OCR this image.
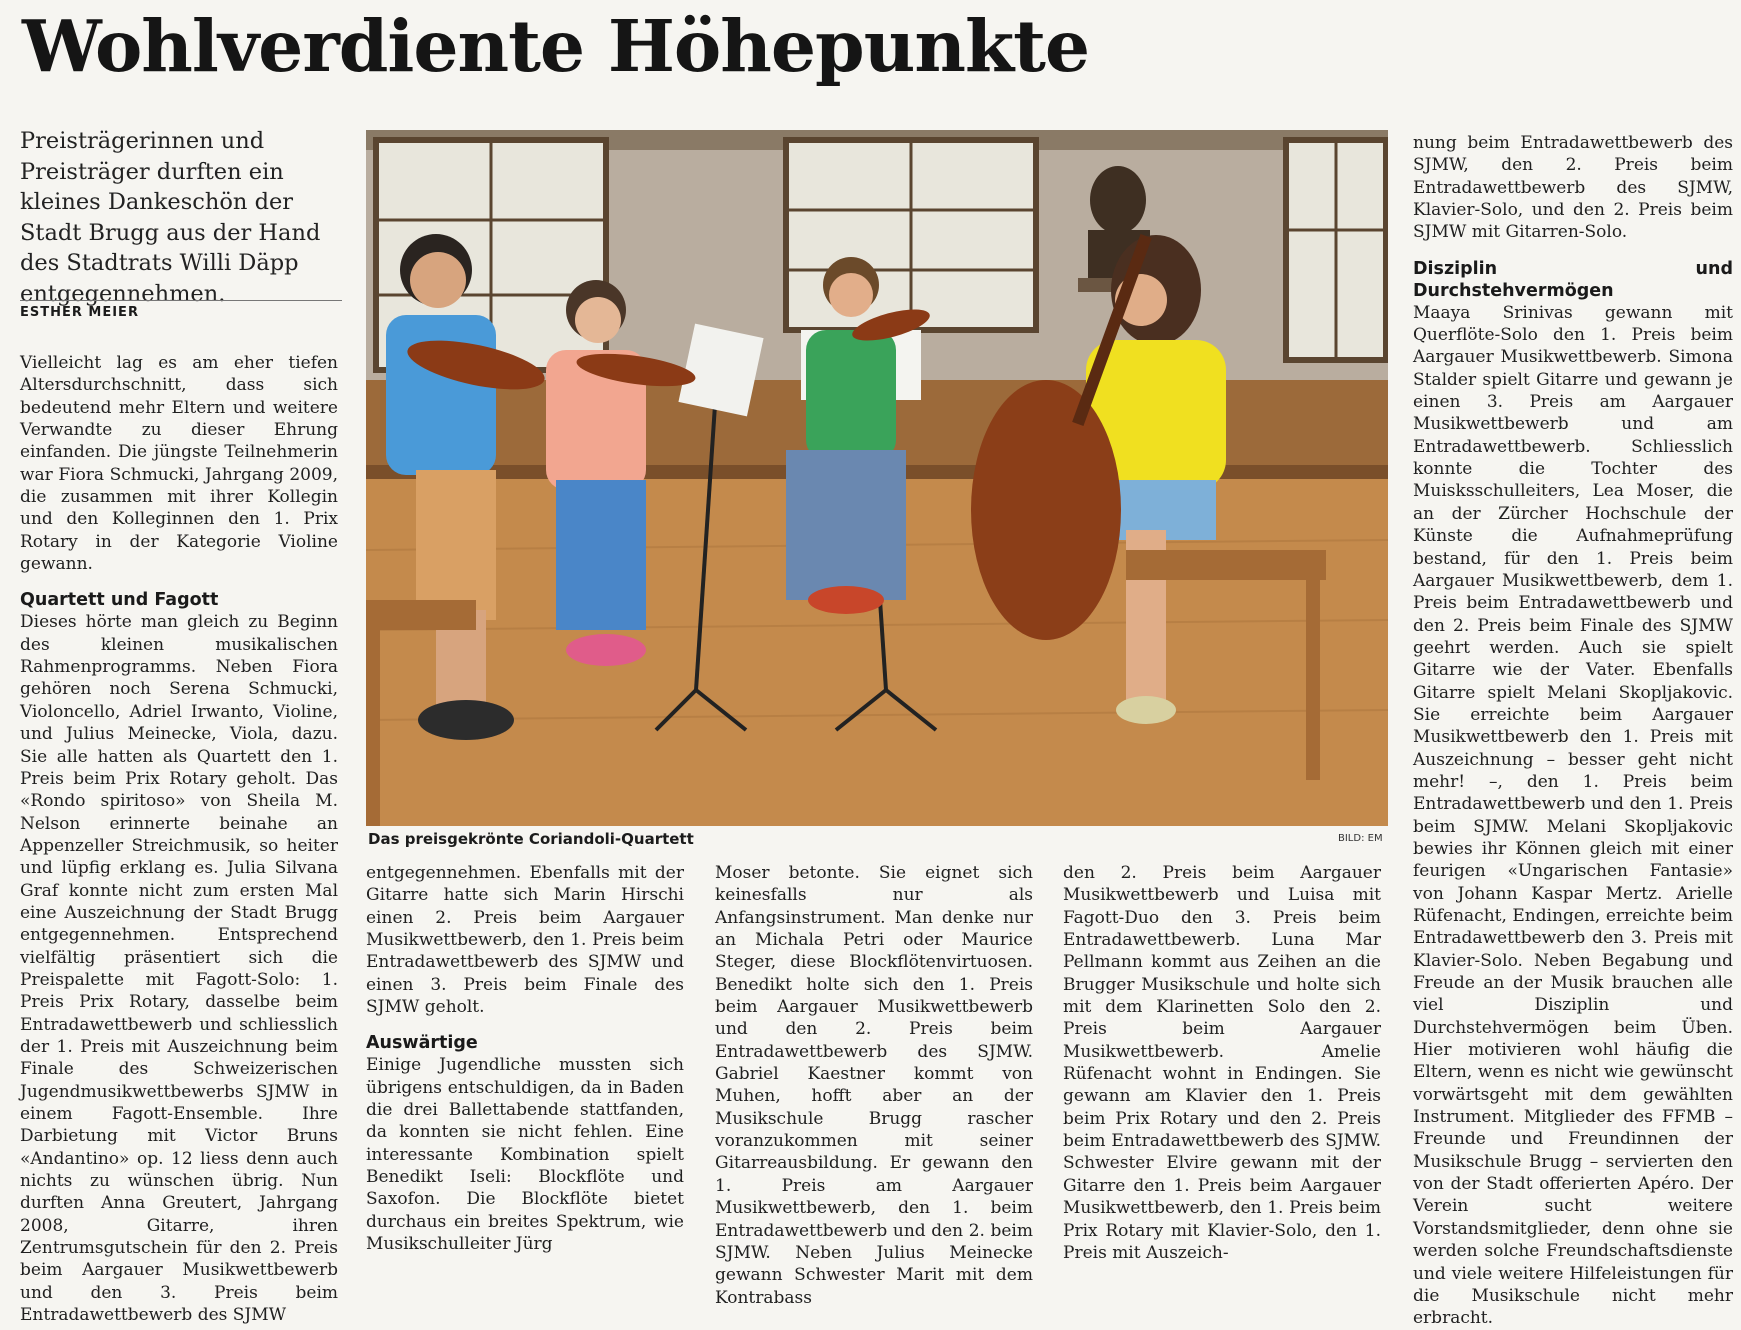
Wohlverdiente Höhepunkte
Preisträgerinnen und Preisträger durften ein kleines Dankeschön der Stadt Brugg aus der Hand des Stadtrats Willi Däpp entgegennehmen.
ESTHER MEIER

Vielleicht lag es am eher tiefen Altersdurchschnitt, dass sich bedeutend mehr Eltern und weitere Verwandte zu dieser Ehrung einfanden. Die jüngste Teilnehmerin war Fiora Schmucki, Jahrgang 2009, die zusammen mit ihrer Kollegin und den Kolleginnen den 1. Prix Rotary in der Kategorie Violine gewann.

Quartett und Fagott

Dieses hörte man gleich zu Beginn des kleinen musikalischen Rahmenprogramms. Neben Fiora gehören noch Serena Schmucki, Violoncello, Adriel Irwanto, Violine, und Julius Meinecke, Viola, dazu. Sie alle hatten als Quartett den 1. Preis beim Prix Rotary geholt. Das «Rondo spiritoso» von Sheila M. Nelson erinnerte beinahe an Appenzeller Streichmusik, so heiter und lüpfig erklang es. Julia Silvana Graf konnte nicht zum ersten Mal eine Auszeichnung der Stadt Brugg entgegennehmen. Entsprechend vielfältig präsentiert sich die Preispalette mit Fagott-Solo: 1. Preis Prix Rotary, dasselbe beim Entradawettbewerb und schliesslich der 1. Preis mit Auszeichnung beim Finale des Schweizerischen Jugendmusikwettbewerbs SJMW in einem Fagott-Ensemble. Ihre Darbietung mit Victor Bruns «Andantino» op. 12 liess denn auch nichts zu wünschen übrig. Nun durften Anna Greutert, Jahrgang 2008, Gitarre, ihren Zentrumsgutschein für den 2. Preis beim Aargauer Musikwettbewerb und den 3. Preis beim Entradawettbewerb des SJMW

Das preisgekrönte Coriandoli-Quartett	BILD: EM

entgegennehmen. Ebenfalls mit der Gitarre hatte sich Marin Hirschi einen 2. Preis beim Aargauer Musikwettbewerb, den 1. Preis beim Entradawettbewerb des SJMW und einen 3. Preis beim Finale des SJMW geholt.

Auswärtige

Einige Jugendliche mussten sich übrigens entschuldigen, da in Baden die drei Ballettabende stattfanden, da konnten sie nicht fehlen. Eine interessante Kombination spielt Benedikt Iseli: Blockflöte und Saxofon. Die Blockflöte bietet durchaus ein breites Spektrum, wie Musikschulleiter Jürg

Moser betonte. Sie eignet sich keinesfalls nur als Anfangsinstrument. Man denke nur an Michala Petri oder Maurice Steger, diese Blockflötenvirtuosen. Benedikt holte sich den 1. Preis beim Aargauer Musikwettbewerb und den 2. Preis beim Entradawettbewerb des SJMW. Gabriel Kaestner kommt von Muhen, hofft aber an der Musikschule Brugg rascher voranzukommen mit seiner Gitarreausbildung. Er gewann den 1. Preis am Aargauer Musikwettbewerb, den 1. beim Entradawettbewerb und den 2. beim SJMW. Neben Julius Meinecke gewann Schwester Marit mit dem Kontrabass

den 2. Preis beim Aargauer Musikwettbewerb und Luisa mit Fagott-Duo den 3. Preis beim Entradawettbewerb. Luna Mar Pellmann kommt aus Zeihen an die Brugger Musikschule und holte sich mit dem Klarinetten Solo den 2. Preis beim Aargauer Musikwettbewerb. Amelie Rüfenacht wohnt in Endingen. Sie gewann am Klavier den 1. Preis beim Prix Rotary und den 2. Preis beim Entradawettbewerb des SJMW. Schwester Elvire gewann mit der Gitarre den 1. Preis beim Aargauer Musikwettbewerb, den 1. Preis beim Prix Rotary mit Klavier-Solo, den 1. Preis mit Auszeich-

nung beim Entradawettbewerb des SJMW, den 2. Preis beim Entradawettbewerb des SJMW, Klavier-Solo, und den 2. Preis beim SJMW mit Gitarren-Solo.

Disziplin und Durchstehvermögen

Maaya Srinivas gewann mit Querflöte-Solo den 1. Preis beim Aargauer Musikwettbewerb. Simona Stalder spielt Gitarre und gewann je einen 3. Preis am Aargauer Musikwettbewerb und am Entradawettbewerb. Schliesslich konnte die Tochter des Muisksschulleiters, Lea Moser, die an der Zürcher Hochschule der Künste die Aufnahmeprüfung bestand, für den 1. Preis beim Aargauer Musikwettbewerb, dem 1. Preis beim Entradawettbewerb und den 2. Preis beim Finale des SJMW geehrt werden. Auch sie spielt Gitarre wie der Vater. Ebenfalls Gitarre spielt Melani Skopljakovic. Sie erreichte beim Aargauer Musikwettbewerb den 1. Preis mit Auszeichnung – besser geht nicht mehr! –, den 1. Preis beim Entradawettbewerb und den 1. Preis beim SJMW. Melani Skopljakovic bewies ihr Können gleich mit einer feurigen «Ungarischen Fantasie» von Johann Kaspar Mertz. Arielle Rüfenacht, Endingen, erreichte beim Entradawettbewerb den 3. Preis mit Klavier-Solo. Neben Begabung und Freude an der Musik brauchen alle viel Disziplin und Durchstehvermögen beim Üben. Hier motivieren wohl häufig die Eltern, wenn es nicht wie gewünscht vorwärtsgeht mit dem gewählten Instrument. Mitglieder des FFMB – Freunde und Freundinnen der Musikschule Brugg – servierten den von der Stadt offerierten Apéro. Der Verein sucht weitere Vorstandsmitglieder, denn ohne sie werden solche Freundschaftsdienste und viele weitere Hilfeleistungen für die Musikschule nicht mehr erbracht.
